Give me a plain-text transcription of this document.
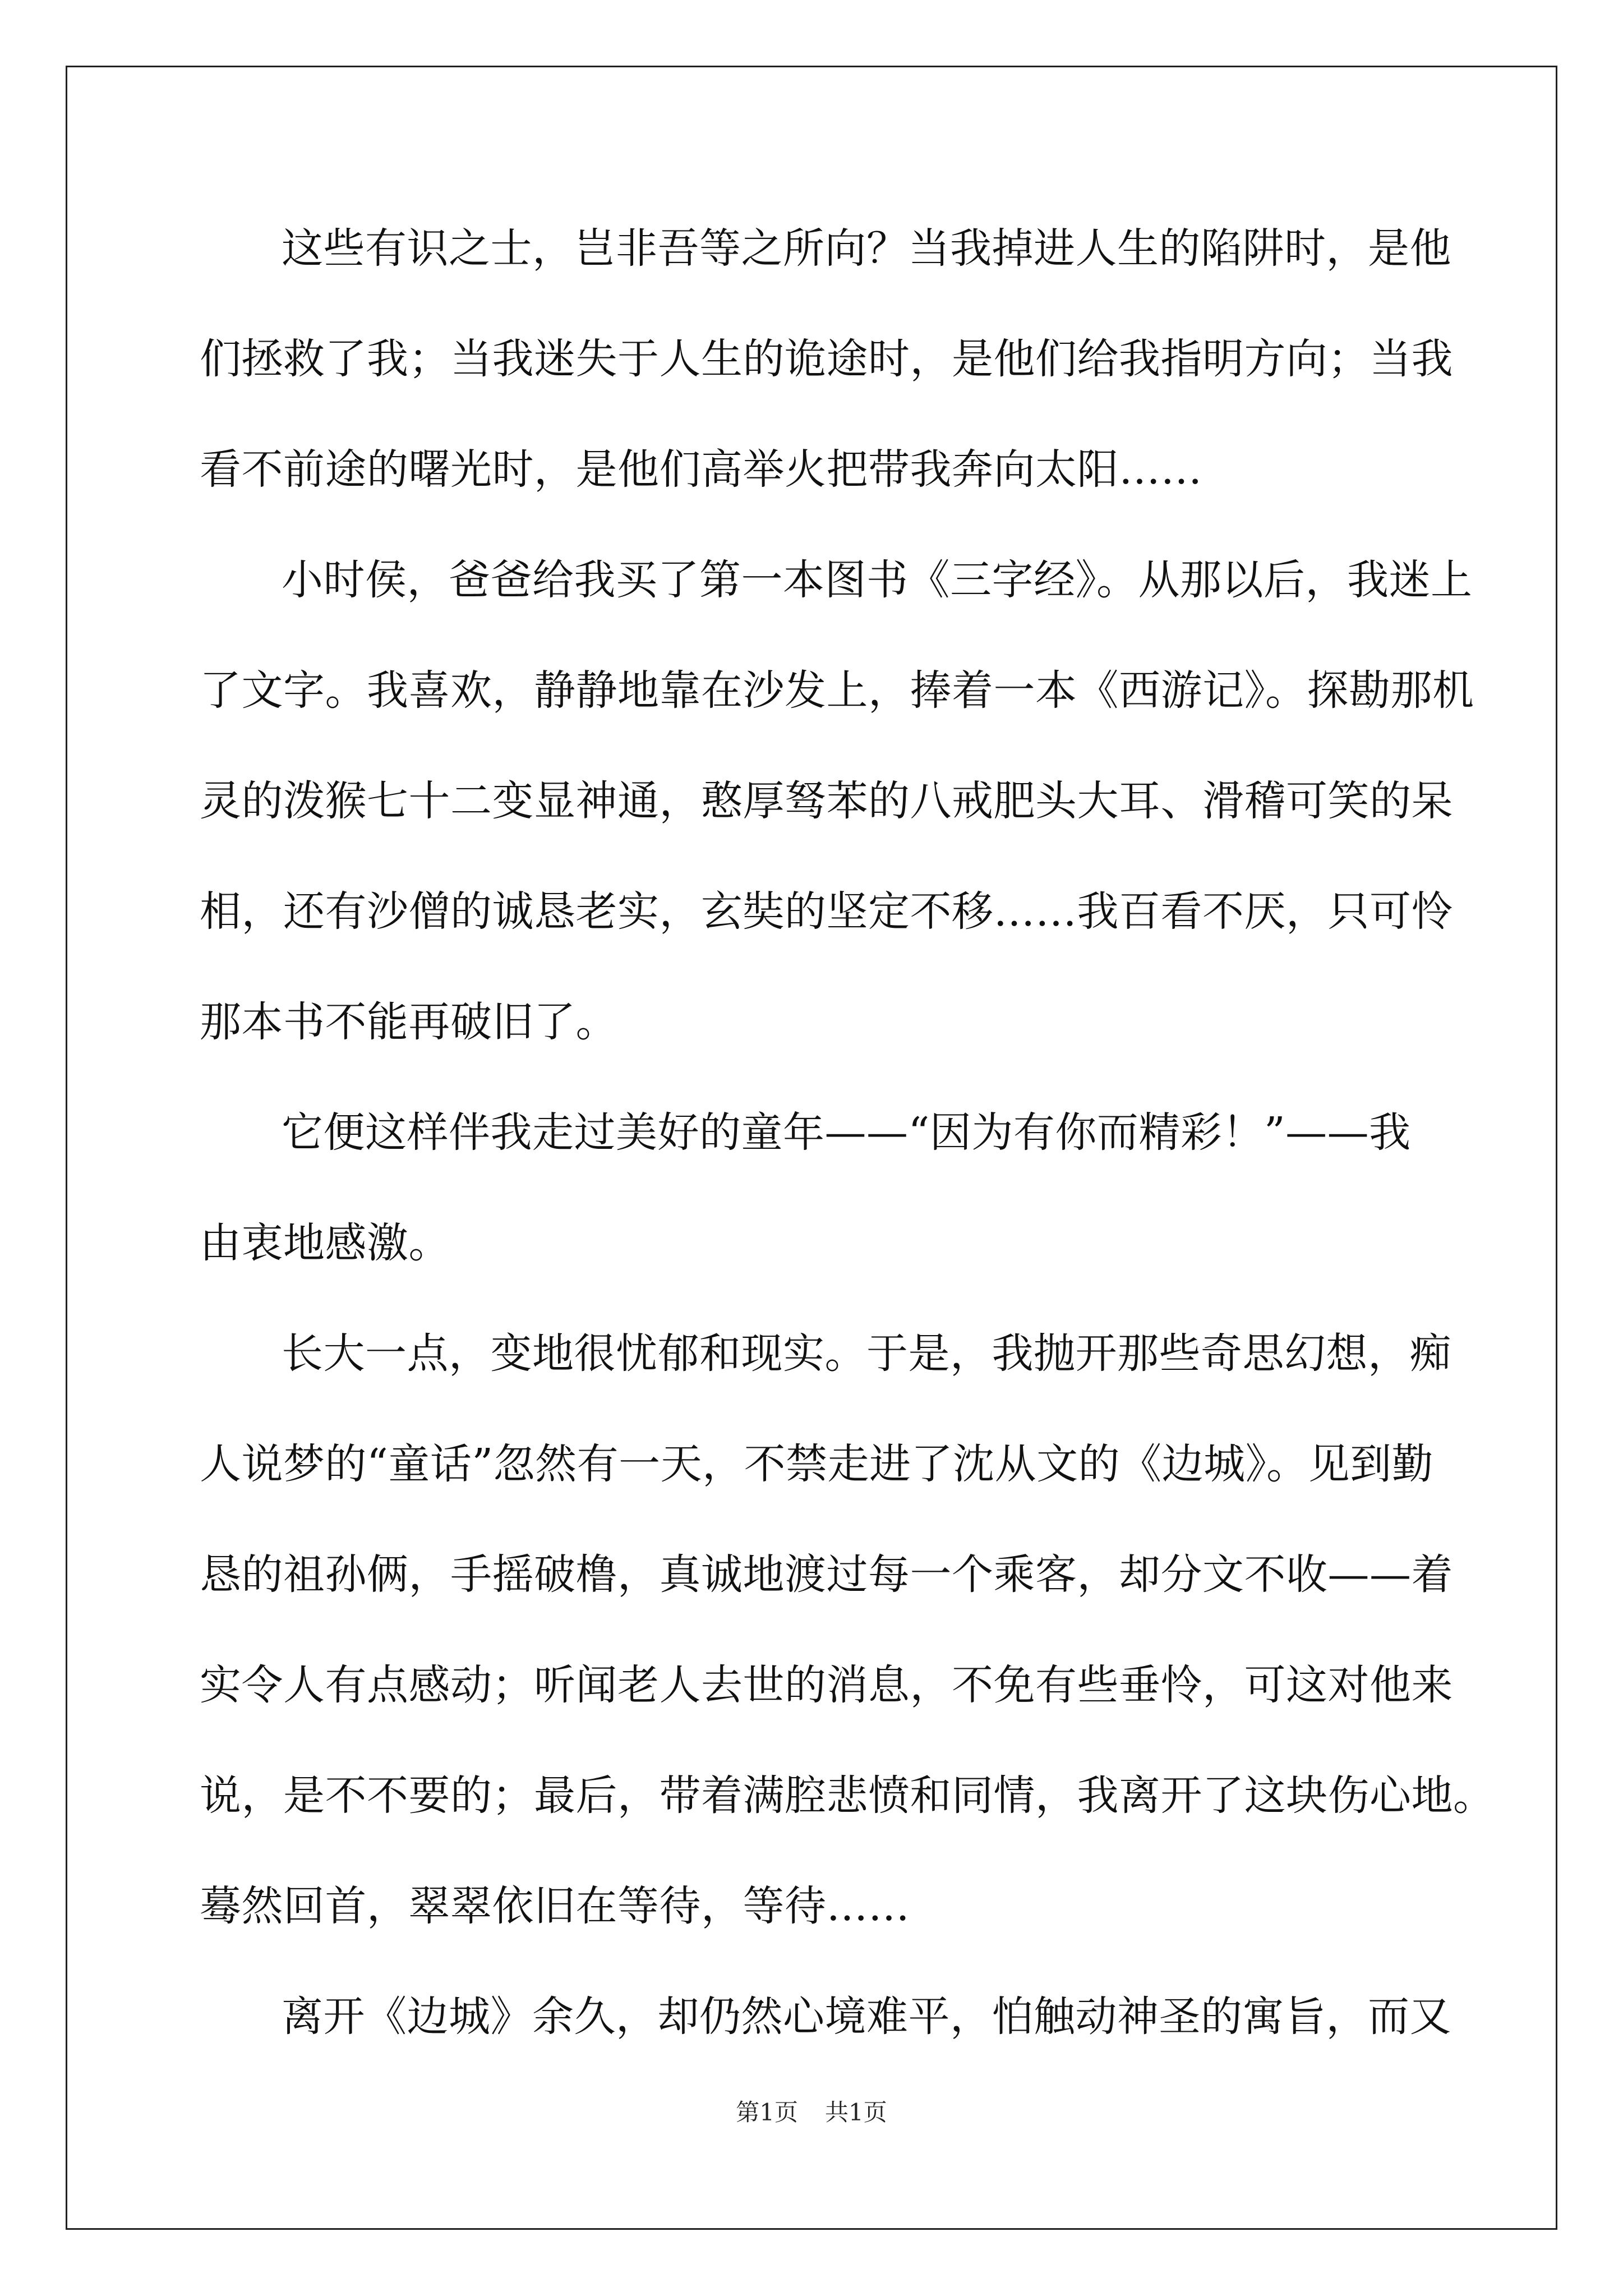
这些有识之士，岂非吾等之所向？当我掉进人生的陷阱时，是他
们拯救了我；当我迷失于人生的诡途时，是他们给我指明方向；当我
看不前途的曙光时，是他们高举火把带我奔向太阳……
小时侯，爸爸给我买了第一本图书《三字经》。从那以后，我迷上
了文字。我喜欢，静静地靠在沙发上，捧着一本《西游记》。探勘那机
灵的泼猴七十二变显神通，憨厚驽苯的八戒肥头大耳、滑稽可笑的呆
相，还有沙僧的诚恳老实，玄奘的坚定不移……我百看不厌，只可怜
那本书不能再破旧了。
它便这样伴我走过美好的童年——“因为有你而精彩！”——我
由衷地感激。
长大一点，变地很忧郁和现实。于是，我抛开那些奇思幻想，痴
人说梦的“童话”忽然有一天，不禁走进了沈从文的《边城》。见到勤
恳的祖孙俩，手摇破橹，真诚地渡过每一个乘客，却分文不收——着
实令人有点感动；听闻老人去世的消息，不免有些垂怜，可这对他来
说，是不不要的；最后，带着满腔悲愤和同情，我离开了这块伤心地。
蓦然回首，翠翠依旧在等待，等待……
离开《边城》余久，却仍然心境难平，怕触动神圣的寓旨，而又
第1页 共1页
